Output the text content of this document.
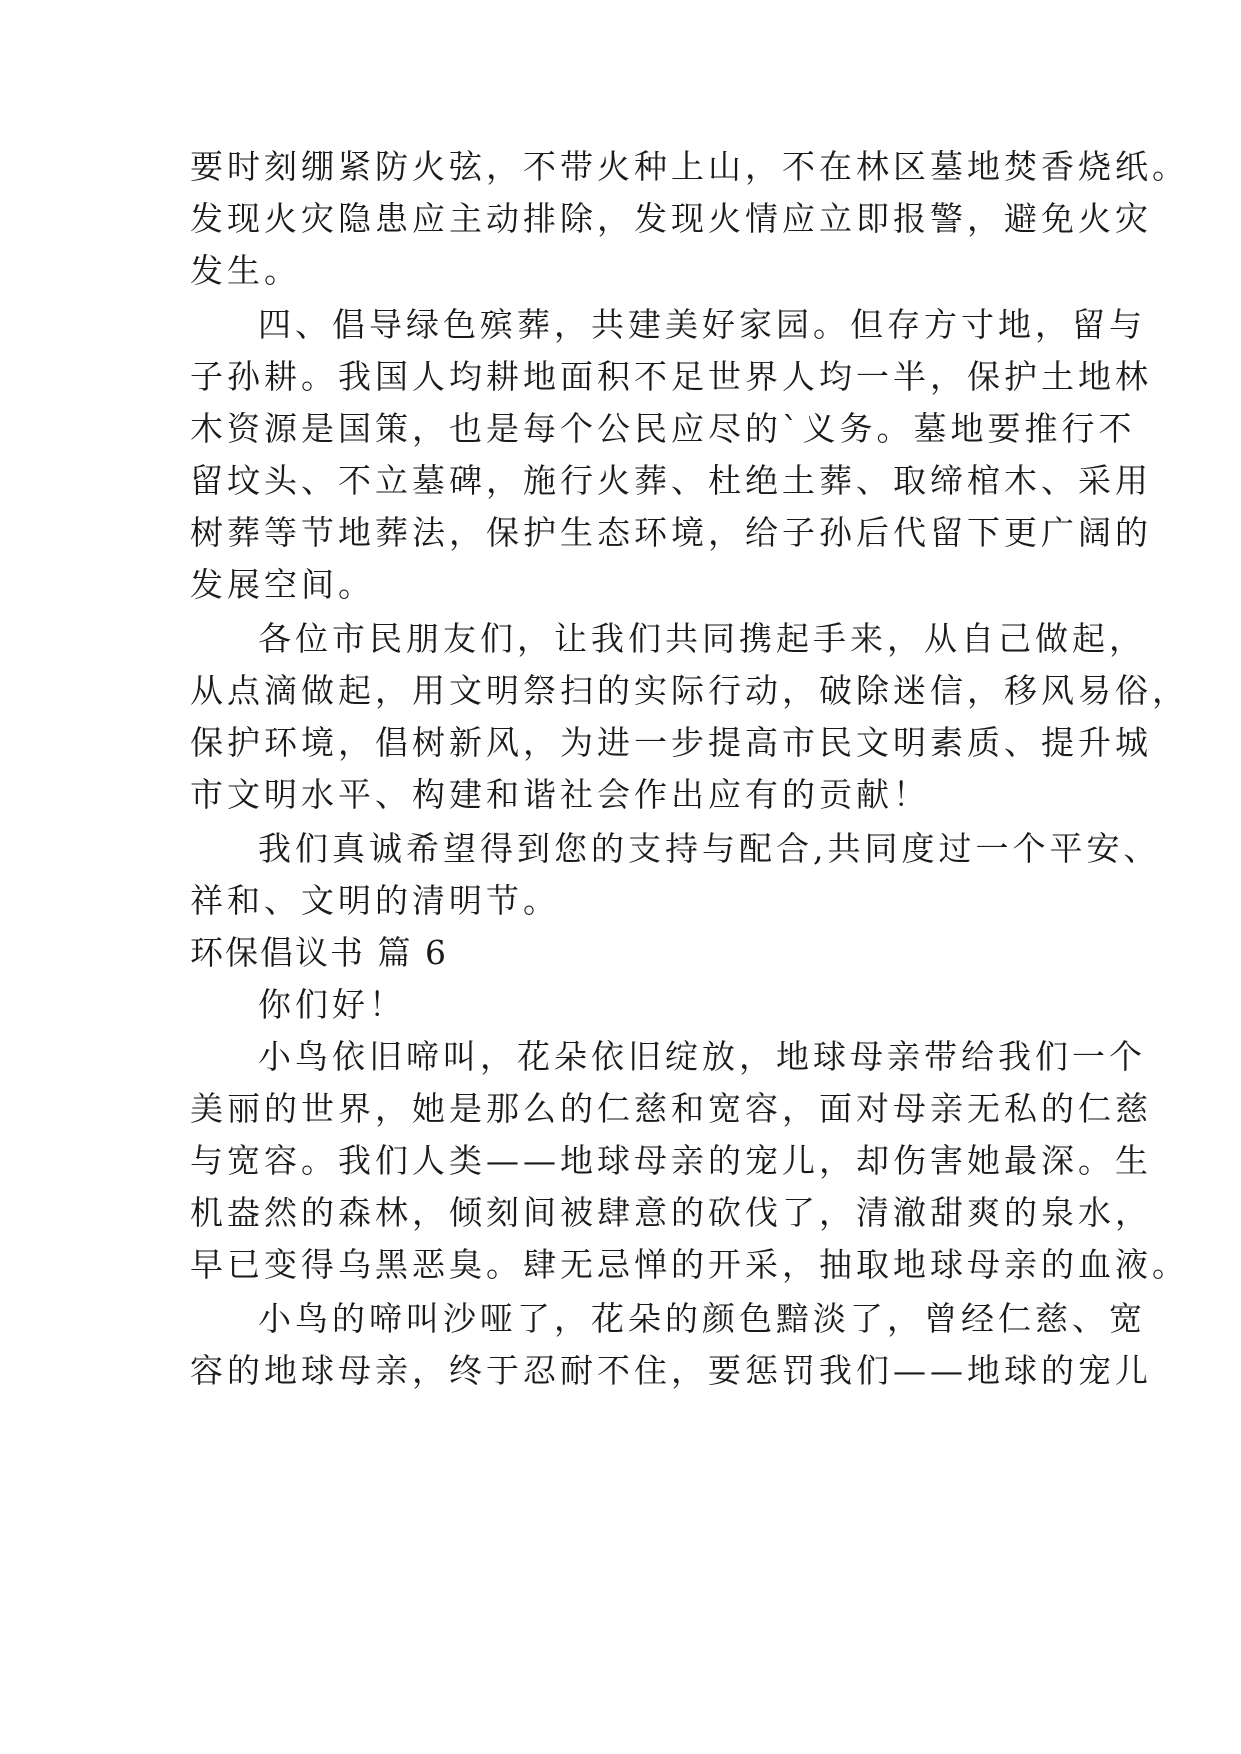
要时刻绷紧防火弦，不带火种上山，不在林区墓地焚香烧纸。
发现火灾隐患应主动排除，发现火情应立即报警，避免火灾
发生。
四、倡导绿色殡葬，共建美好家园。但存方寸地，留与
子孙耕。我国人均耕地面积不足世界人均一半，保护土地林
木资源是国策，也是每个公民应尽的`义务。墓地要推行不
留坟头、不立墓碑，施行火葬、杜绝土葬、取缔棺木、采用
树葬等节地葬法，保护生态环境，给子孙后代留下更广阔的
发展空间。
各位市民朋友们，让我们共同携起手来，从自己做起，
从点滴做起，用文明祭扫的实际行动，破除迷信，移风易俗，
保护环境，倡树新风，为进一步提高市民文明素质、提升城
市文明水平、构建和谐社会作出应有的贡献！
我们真诚希望得到您的支持与配合,共同度过一个平安、
祥和、文明的清明节。
环保倡议书 篇 6
你们好！
小鸟依旧啼叫，花朵依旧绽放，地球母亲带给我们一个
美丽的世界，她是那么的仁慈和宽容，面对母亲无私的仁慈
与宽容。我们人类——地球母亲的宠儿，却伤害她最深。生
机盎然的森林，倾刻间被肆意的砍伐了，清澈甜爽的泉水，
早已变得乌黑恶臭。肆无忌惮的开采，抽取地球母亲的血液。
小鸟的啼叫沙哑了，花朵的颜色黯淡了，曾经仁慈、宽
容的地球母亲，终于忍耐不住，要惩罚我们——地球的宠儿
